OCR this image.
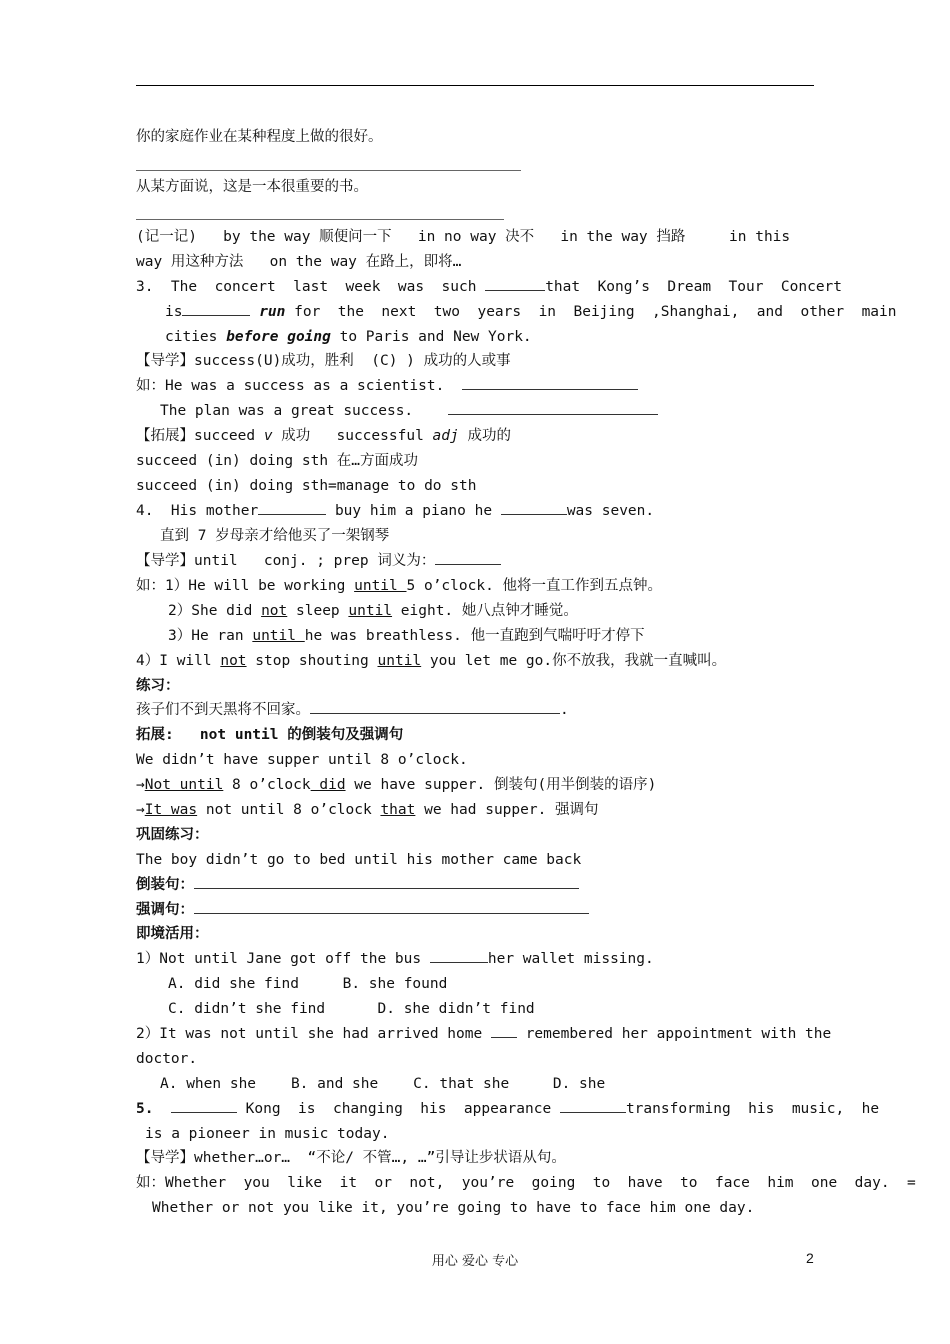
你的家庭作业在某种程度上做的很好。
从某方面说，这是一本很重要的书。
(记一记)   by the way 顺便问一下   in no way 决不   in the way 挡路     in this
way 用这种方法   on the way 在路上，即将…
3.  The  concert  last  week  was  such	that  Kong’s  Dream  Tour  Concert
is	run for  the  next  two  years  in  Beijing  ,Shanghai,  and  other  main
cities before going to Paris and New York.
【导学】success(U)成功，胜利  (C) ) 成功的人或事
如：He was a success as a scientist.
The plan was a great success.
【拓展】succeed v 成功   successful adj 成功的
succeed (in) doing sth 在…方面成功
succeed (in) doing sth=manage to do sth
4.  His mother	buy him a piano he	was seven.
直到 7 岁母亲才给他买了一架钢琴
【导学】until   conj. ; prep 词义为：
如：1）He will be working until 5 o’clock. 他将一直工作到五点钟。
2）She did not sleep until eight. 她八点钟才睡觉。
3）He ran until he was breathless. 他一直跑到气喘吁吁才停下
4）I will not stop shouting until you let me go.你不放我，我就一直喊叫。
练习：
孩子们不到天黑将不回家。	.
拓展:   not until 的倒装句及强调句
We didn’t have supper until 8 o’clock.
→Not until 8 o’clock did we have supper. 倒装句(用半倒装的语序)
→It was not until 8 o’clock that we had supper. 强调句
巩固练习：
The boy didn’t go to bed until his mother came back
倒装句：
强调句：
即境活用：
1）Not until Jane got off the bus	her wallet missing.
A. did she find     B. she found
C. didn’t she find      D. she didn’t find
2）It was not until she had arrived home  remembered her appointment with the
doctor.
A. when she    B. and she    C. that she     D. she
5.	Kong  is  changing  his  appearance	transforming  his  music,  he
is a pioneer in music today.
【导学】whether…or…  “不论/ 不管…, …”引导让步状语从句。
如：Whether  you  like  it  or  not,  you’re  going  to  have  to  face  him  one  day.  =
Whether or not you like it, you’re going to have to face him one day.
用心 爱心 专心	2
